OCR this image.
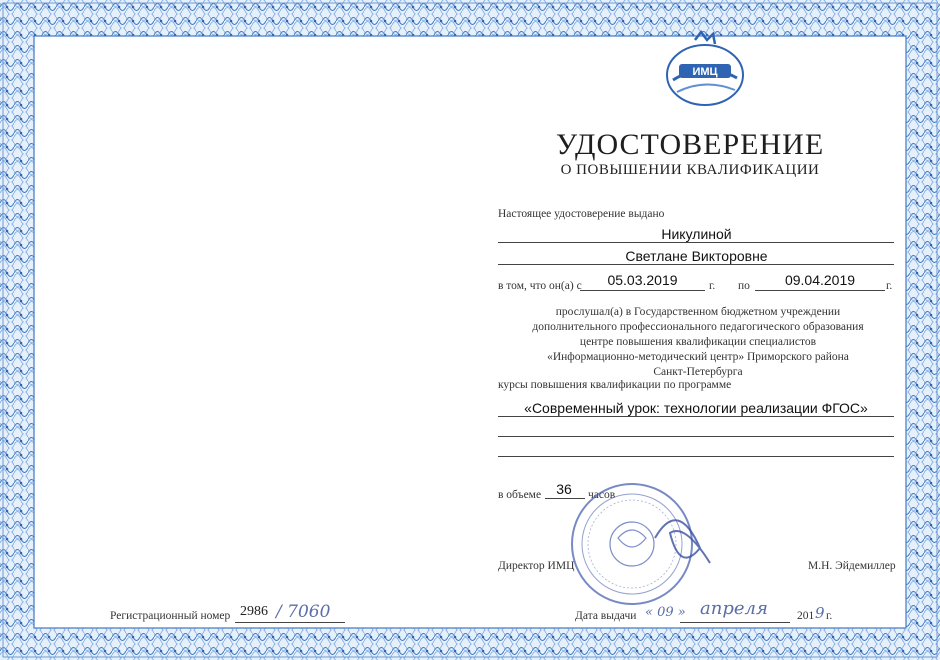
ИМЦ
УДОСТОВЕРЕНИЕ
О ПОВЫШЕНИИ КВАЛИФИКАЦИИ
Настоящее удостоверение выдано
Никулиной
Светлане Викторовне
в том, что он(а) с	05.03.2019	г. по	09.04.2019	г.
прослушал(а) в Государственном бюджетном учреждении
дополнительного профессионального педагогического образования
центре повышения квалификации специалистов
«Информационно-методический центр» Приморского района
Санкт-Петербурга
курсы повышения квалификации по программе
«Современный урок: технологии реализации ФГОС»
в объеме	36	часов
Директор ИМЦ	М.Н. Эйдемиллер
Регистрационный номер 2986 / 7060	Дата выдачи « 09 » апреля	201 9 г.
